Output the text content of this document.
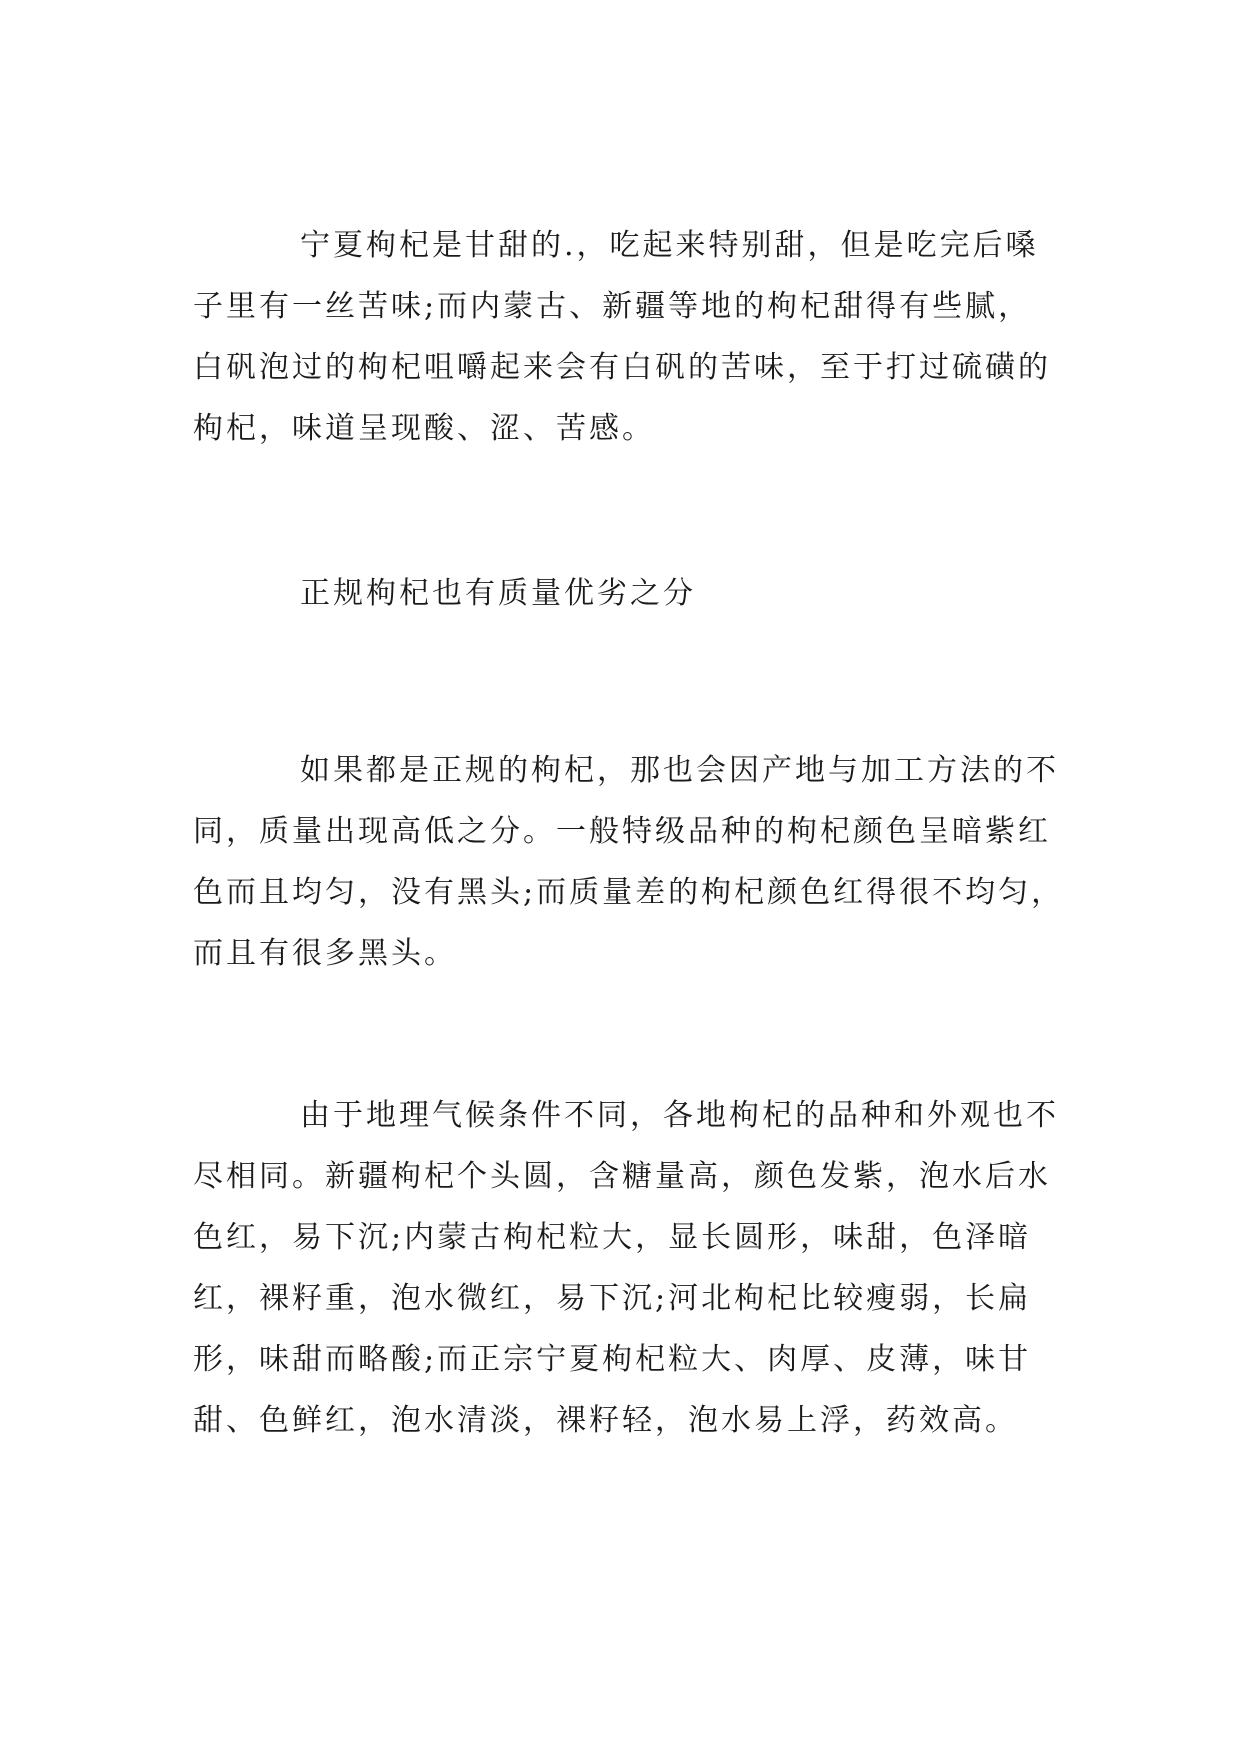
宁夏枸杞是甘甜的.，吃起来特别甜，但是吃完后嗓
子里有一丝苦味;而内蒙古、新疆等地的枸杞甜得有些腻，
白矾泡过的枸杞咀嚼起来会有白矾的苦味，至于打过硫磺的
枸杞，味道呈现酸、涩、苦感。

正规枸杞也有质量优劣之分

如果都是正规的枸杞，那也会因产地与加工方法的不
同，质量出现高低之分。一般特级品种的枸杞颜色呈暗紫红
色而且均匀，没有黑头;而质量差的枸杞颜色红得很不均匀，
而且有很多黑头。

由于地理气候条件不同，各地枸杞的品种和外观也不
尽相同。新疆枸杞个头圆，含糖量高，颜色发紫，泡水后水
色红，易下沉;内蒙古枸杞粒大，显长圆形，味甜，色泽暗
红，裸籽重，泡水微红，易下沉;河北枸杞比较瘦弱，长扁
形，味甜而略酸;而正宗宁夏枸杞粒大、肉厚、皮薄，味甘
甜、色鲜红，泡水清淡，裸籽轻，泡水易上浮，药效高。
